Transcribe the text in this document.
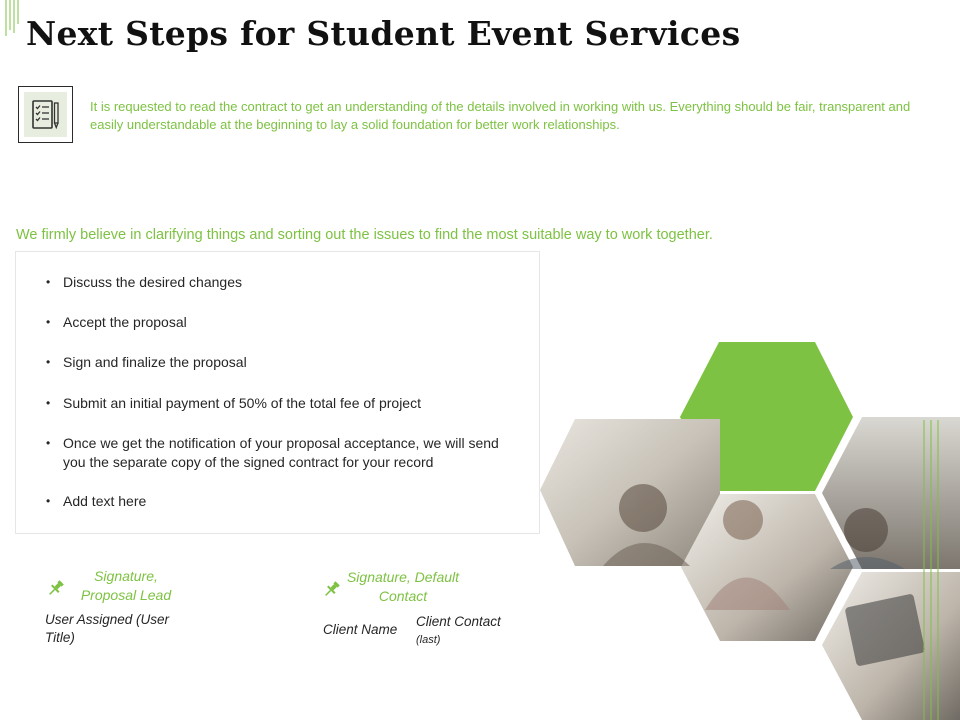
Next Steps for Student Event Services

It is requested to read the contract to get an understanding of the details involved in working with us. Everything should be fair, transparent and easily understandable at the beginning to lay a solid foundation for better work relationships.

We firmly believe in clarifying things and sorting out the issues to find the most suitable way to work together.

• Discuss the desired changes
• Accept the proposal
• Sign and finalize the proposal
• Submit an initial payment of 50% of the total fee of project
• Once we get the notification of your proposal acceptance, we will send you the separate copy of the signed contract for your record
• Add text here
Signature, Proposal Lead
User Assigned (User Title)
Signature, Default Contact
Client Name
Client Contact
(last)
